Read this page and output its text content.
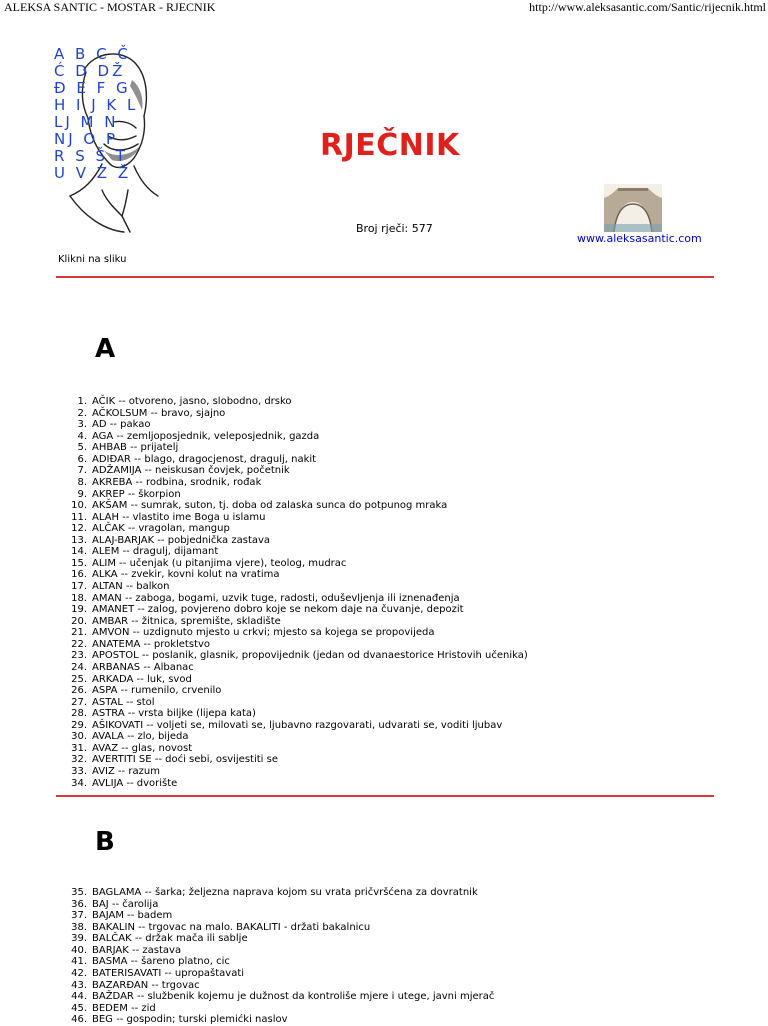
ALEKSA SANTIC - MOSTAR - RJECNIK	http://www.aleksasantic.com/Santic/rijecnik.html
A B C Č
Ć D DŽ
Đ E F G
H I J K L
LJ M N
NJ O P
R S Š T
U V Z Ž
Klikni na sliku
RJEČNIK
Broj rječi: 577
www.aleksasantic.com
A
1. AČIK -- otvoreno, jasno, slobodno, drsko
2. AČKOLSUM -- bravo, sjajno
3. AD -- pakao
4. AGA -- zemljoposjednik, veleposjednik, gazda
5. AHBAB -- prijatelj
6. ADIĐAR -- blago, dragocjenost, dragulj, nakit
7. ADŽAMIJA -- neiskusan čovjek, početnik
8. AKREBA -- rodbina, srodnik, rođak
9. AKREP -- škorpion
10. AKŠAM -- sumrak, suton, tj. doba od zalaska sunca do potpunog mraka
11. ALAH -- vlastito ime Boga u islamu
12. ALČAK -- vragolan, mangup
13. ALAJ-BARJAK -- pobjednička zastava
14. ALEM -- dragulj, dijamant
15. ALIM -- učenjak (u pitanjima vjere), teolog, mudrac
16. ALKA -- zvekir, kovni kolut na vratima
17. ALTAN -- balkon
18. AMAN -- zaboga, bogami, uzvik tuge, radosti, oduševljenja ili iznenađenja
19. AMANET -- zalog, povjereno dobro koje se nekom daje na čuvanje, depozit
20. AMBAR -- žitnica, spremište, skladište
21. AMVON -- uzdignuto mjesto u crkvi; mjesto sa kojega se propovijeda
22. ANATEMA -- prokletstvo
23. APOSTOL -- poslanik, glasnik, propovijednik (jedan od dvanaestorice Hristovih učenika)
24. ARBANAS -- Albanac
25. ARKADA -- luk, svod
26. ASPA -- rumenilo, crvenilo
27. ASTAL -- stol
28. ASTRA -- vrsta biljke (lijepa kata)
29. AŠIKOVATI -- voljeti se, milovati se, ljubavno razgovarati, udvarati se, voditi ljubav
30. AVALA -- zlo, bijeda
31. AVAZ -- glas, novost
32. AVERTITI SE -- doći sebi, osvijestiti se
33. AVIZ -- razum
34. AVLIJA -- dvorište
B
35. BAGLAMA -- šarka; željezna naprava kojom su vrata pričvršćena za dovratnik
36. BAJ -- čarolija
37. BAJAM -- badem
38. BAKALIN -- trgovac na malo. BAKALITI - držati bakalnicu
39. BALČAK -- držak mača ili sablje
40. BARJAK -- zastava
41. BASMA -- šareno platno, cic
42. BATERISAVATI -- upropaštavati
43. BAZARĐAN -- trgovac
44. BAŽDAR -- službenik kojemu je dužnost da kontroliše mjere i utege, javni mjerač
45. BEDEM -- zid
46. BEG -- gospodin; turski plemićki naslov
